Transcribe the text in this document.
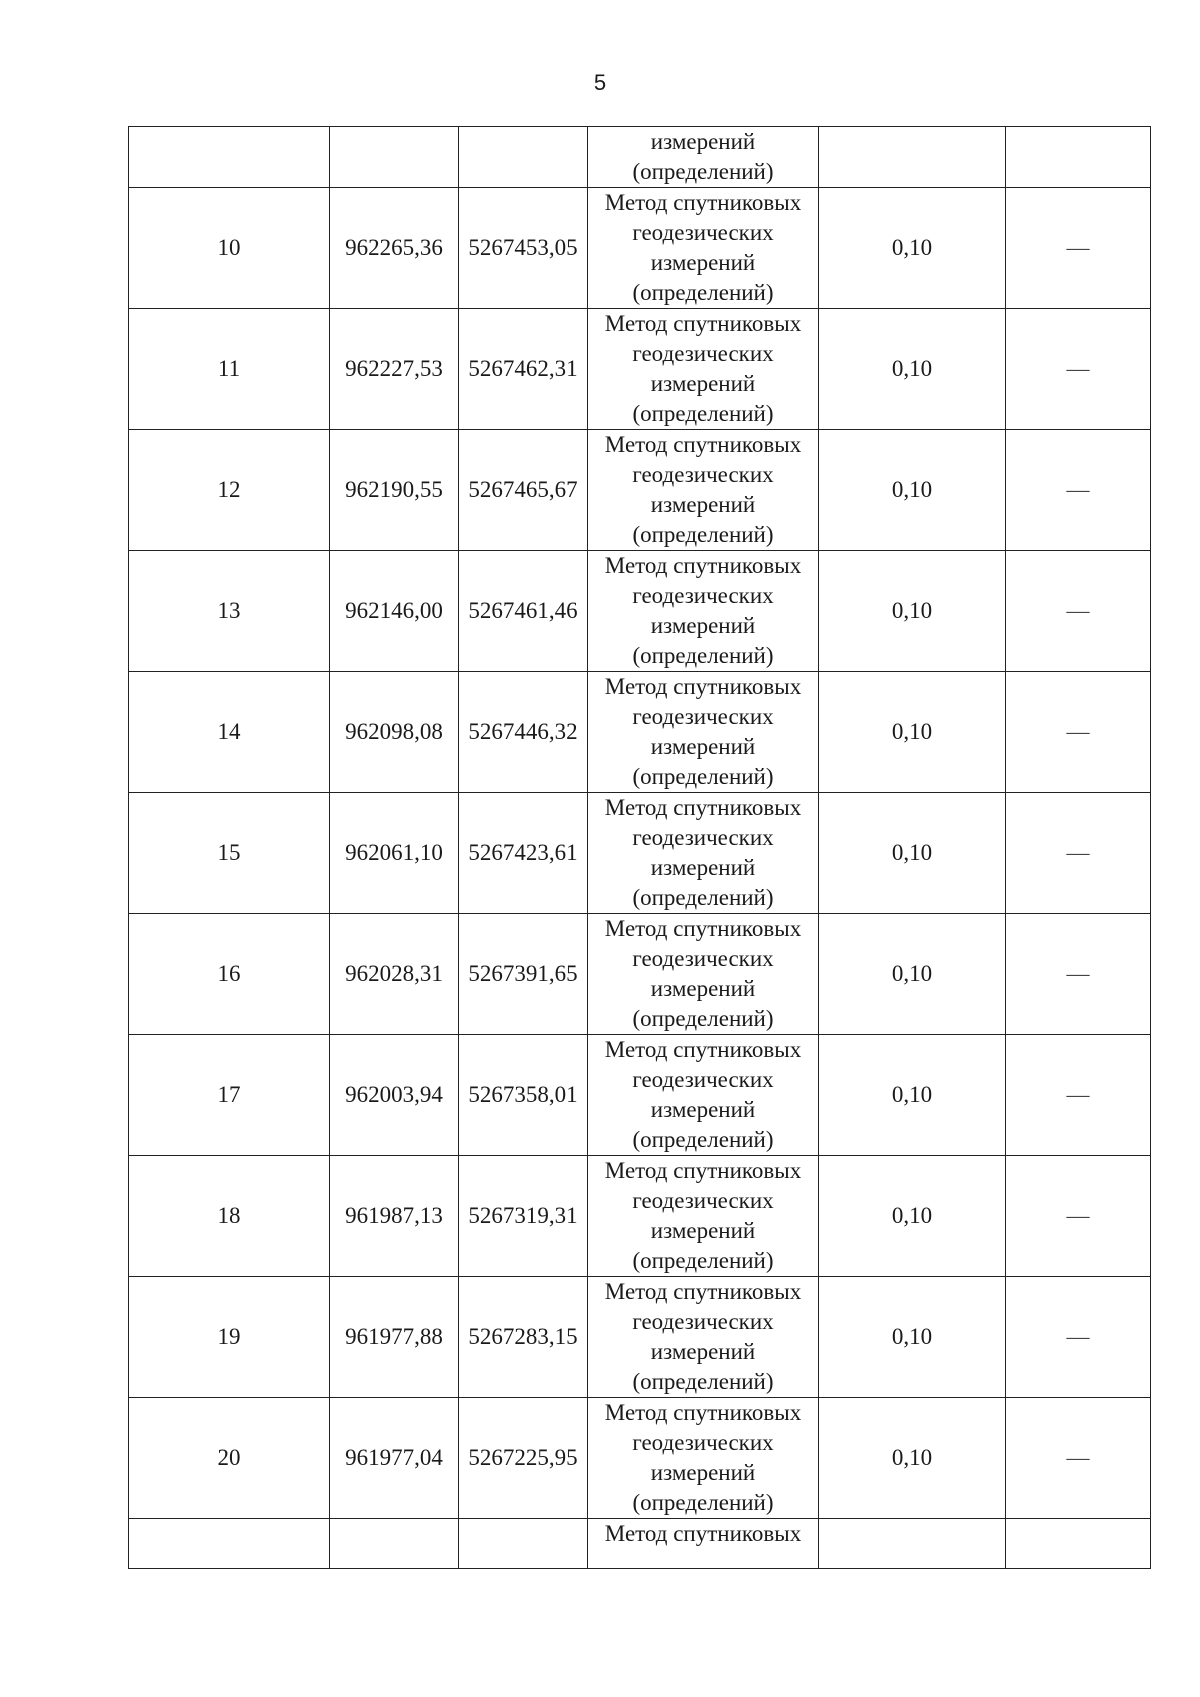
5

			измерений
(определений)		

10	962265,36	5267453,05	Метод спутниковых
геодезических
измерений
(определений)	0,10	—
11	962227,53	5267462,31	Метод спутниковых
геодезических
измерений
(определений)	0,10	—
12	962190,55	5267465,67	Метод спутниковых
геодезических
измерений
(определений)	0,10	—
13	962146,00	5267461,46	Метод спутниковых
геодезических
измерений
(определений)	0,10	—
14	962098,08	5267446,32	Метод спутниковых
геодезических
измерений
(определений)	0,10	—
15	962061,10	5267423,61	Метод спутниковых
геодезических
измерений
(определений)	0,10	—
16	962028,31	5267391,65	Метод спутниковых
геодезических
измерений
(определений)	0,10	—
17	962003,94	5267358,01	Метод спутниковых
геодезических
измерений
(определений)	0,10	—
18	961987,13	5267319,31	Метод спутниковых
геодезических
измерений
(определений)	0,10	—
19	961977,88	5267283,15	Метод спутниковых
геодезических
измерений
(определений)	0,10	—
20	961977,04	5267225,95	Метод спутниковых
геодезических
измерений
(определений)	0,10	—

			Метод спутниковых		
